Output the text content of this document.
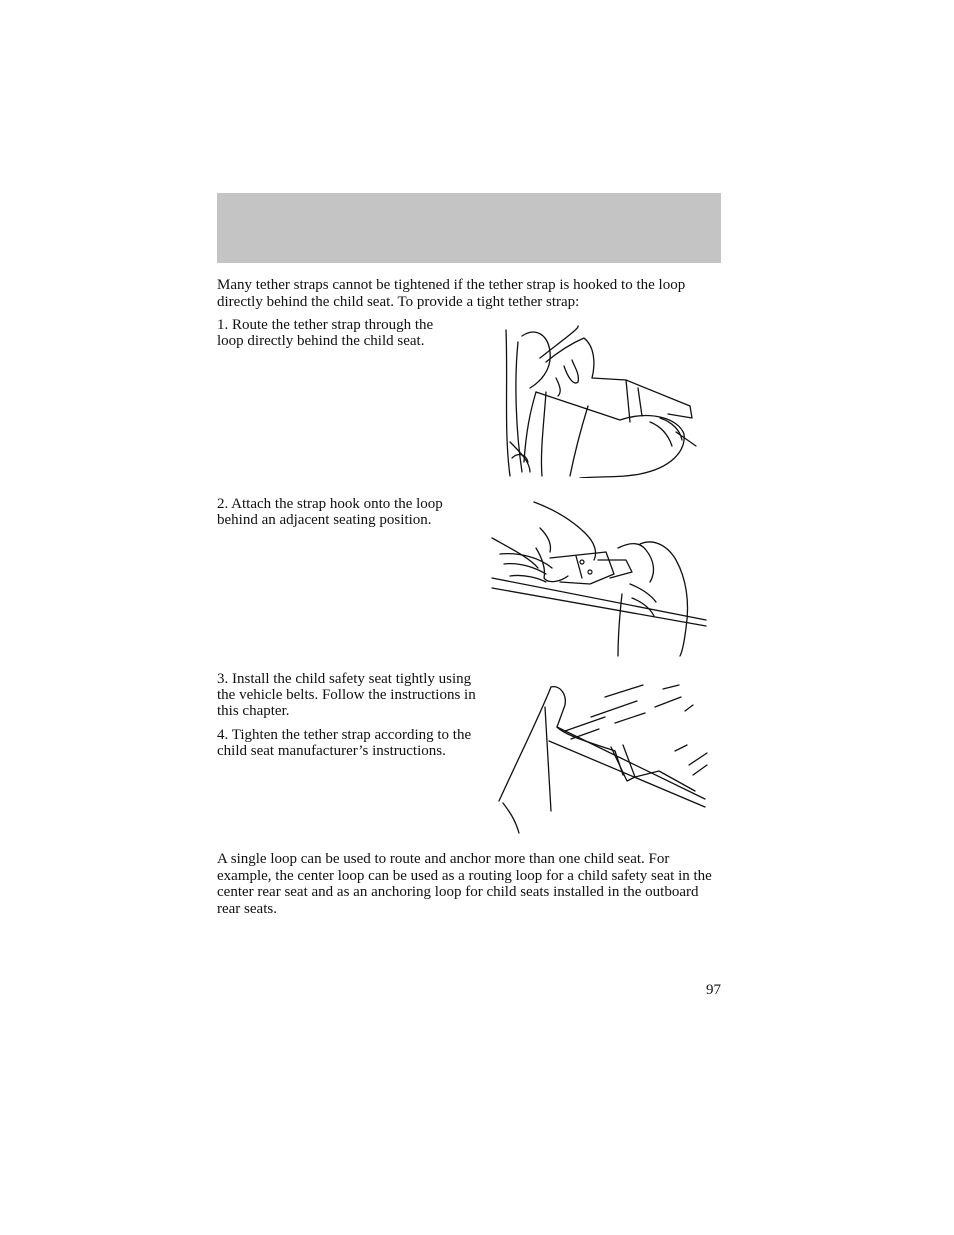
Many tether straps cannot be tightened if the tether strap is hooked to the loop directly behind the child seat. To provide a tight tether strap:

1. Route the tether strap through the loop directly behind the child seat.

2. Attach the strap hook onto the loop behind an adjacent seating position.

3. Install the child safety seat tightly using the vehicle belts. Follow the instructions in this chapter.

4. Tighten the tether strap according to the child seat manufacturer’s instructions.

A single loop can be used to route and anchor more than one child seat. For example, the center loop can be used as a routing loop for a child safety seat in the center rear seat and as an anchoring loop for child seats installed in the outboard rear seats.

97
